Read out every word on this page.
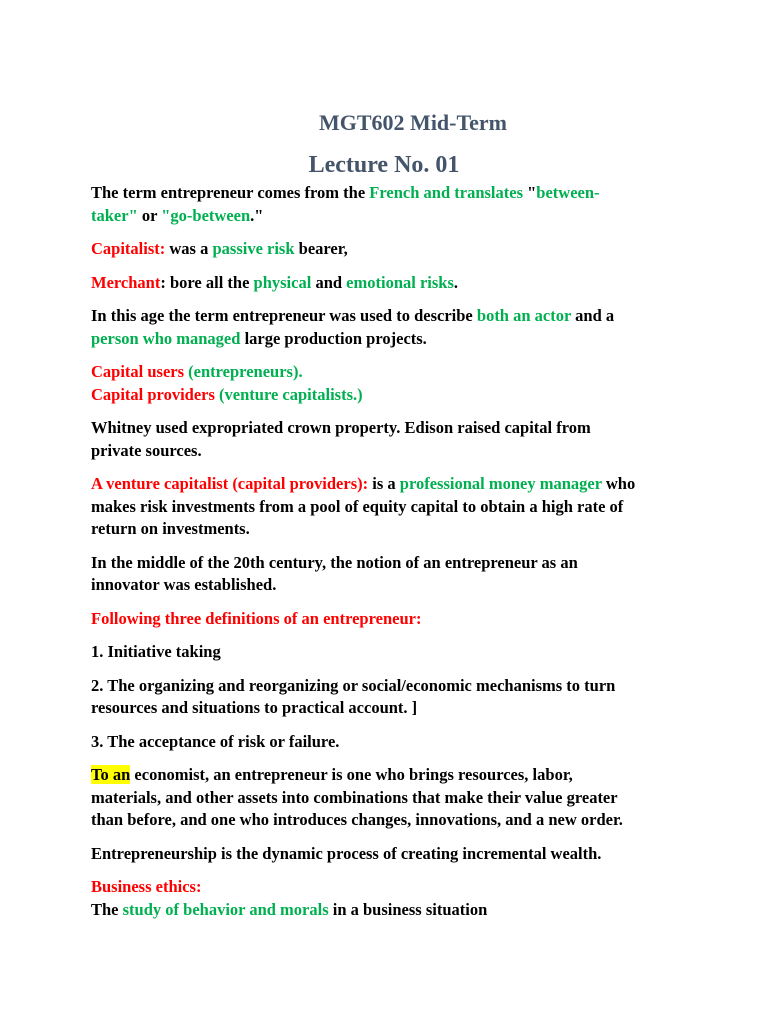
MGT602 Mid-Term
Lecture No. 01

The term entrepreneur comes from the French and translates "between-
taker" or "go-between."

Capitalist: was a passive risk bearer,

Merchant: bore all the physical and emotional risks.

In this age the term entrepreneur was used to describe both an actor and a
person who managed large production projects.

Capital users (entrepreneurs).
Capital providers (venture capitalists.)

Whitney used expropriated crown property. Edison raised capital from
private sources.

A venture capitalist (capital providers): is a professional money manager who
makes risk investments from a pool of equity capital to obtain a high rate of
return on investments.

In the middle of the 20th century, the notion of an entrepreneur as an
innovator was established.

Following three definitions of an entrepreneur:

1. Initiative taking

2. The organizing and reorganizing or social/economic mechanisms to turn
resources and situations to practical account. ]

3. The acceptance of risk or failure.

To an economist, an entrepreneur is one who brings resources, labor,
materials, and other assets into combinations that make their value greater
than before, and one who introduces changes, innovations, and a new order.

Entrepreneurship is the dynamic process of creating incremental wealth.

Business ethics:
The study of behavior and morals in a business situation
